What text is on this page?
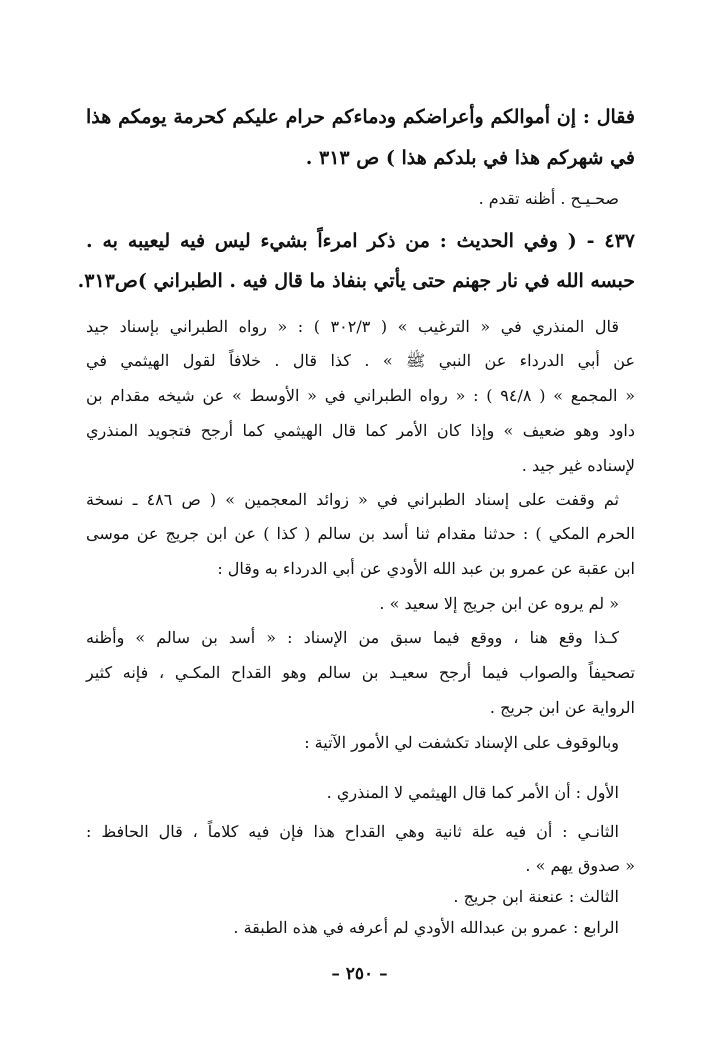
فقال : إن أموالكم وأعراضكم ودماءكم حرام عليكم كحرمة يومكم هذا
في شهركم هذا في بلدكم هذا ) ص ٣١٣ .
صحـيـح . أظنه تقدم .
٤٣٧ - ( وفي الحديث : من ذكر امرءاً بشيء ليس فيه ليعيبه به .
حبسه الله في نار جهنم حتى يأتي بنفاذ ما قال فيه . الطبراني )ص٣١٣.
قال المنذري في « الترغيب » ( ٣٠٢/٣ ) : « رواه الطبراني بإسناد جيد
عن أبي الدرداء عن النبي ﷺ » . كذا قال . خلافاً لقول الهيثمي في
« المجمع » ( ٩٤/٨ ) : « رواه الطبراني في « الأوسط » عن شيخه مقدام بن
داود وهو ضعيف » وإذا كان الأمر كما قال الهيثمي كما أرجح فتجويد المنذري
لإسناده غير جيد .
ثم وقفت على إسناد الطبراني في « زوائد المعجمين » ( ص ٤٨٦ ـ نسخة
الحرم المكي ) : حدثنا مقدام ثنا أسد بن سالم ( كذا ) عن ابن جريج عن موسى
ابن عقبة عن عمرو بن عبد الله الأودي عن أبي الدرداء به وقال :
« لم يروه عن ابن جريج إلا سعيد » .
كـذا وقع هنا ، ووقع فيما سبق من الإسناد : « أسد بن سالم » وأظنه
تصحيفاً والصواب فيما أرجح سعيـد بن سالم وهو القداح المكـي ، فإنه كثير
الرواية عن ابن جريج .
وبالوقوف على الإسناد تكشفت لي الأمور الآتية :
الأول : أن الأمر كما قال الهيثمي لا المنذري .
الثانـي : أن فيه علة ثانية وهي القداح هذا فإن فيه كلاماً ، قال الحافظ :
« صدوق يهم » .
الثالث : عنعنة ابن جريج .
الرابع : عمرو بن عبدالله الأودي لم أعرفه في هذه الطبقة .
– ٢٥٠ –
